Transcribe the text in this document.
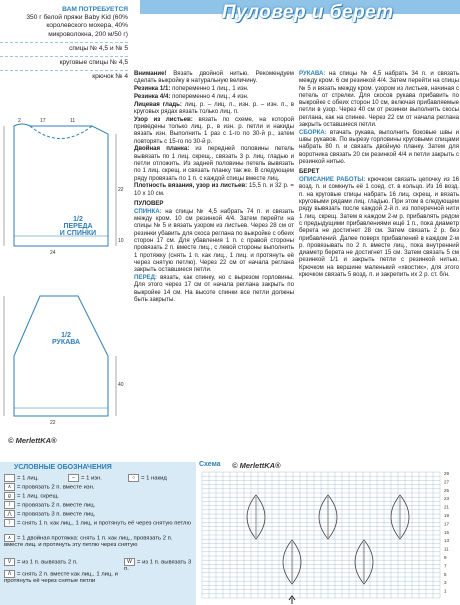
Пуловер и берет
ВАМ ПОТРЕБУЕТСЯ
350 г белой пряжи Baby Kid (60% королевского мохера, 40% микроволокна, 200 м/50 г)
спицы № 4,5 и № 5
круговые спицы № 4,5
крючок № 4
2	17	11
22
10
24
40
22
1/2
ПЕРЕДА
И СПИНКИ
1/2
РУКАВА
© MerlettKA®

Внимание! Вязать двойной нитью. Рекомендуем сделать выкройку в натуральную величину.

Резинка 1/1: попеременно 1 лиц., 1 изн.

Резинка 4/4: попеременно 4 лиц., 4 изн.

Лицевая гладь: лиц. р. – лиц. п., изн. р. – изн. п., в круговых рядах вязать только лиц. п.

Узор из листьев: вязать по схеме, на которой приведены только лиц. р., в изн. р. петли и накиды вязать изн. Выполнить 1 раз с 1-го по 30-й р., затем повторять с 15-го по 30-й р.

Двойная планка: из передней половины петель вывязать по 1 лиц. скрещ., связать 3 р. лиц. гладью и петли отложить. Из задней половины петель вывязать по 1 лиц. скрещ. и связать планку так же. В следующем ряду провязать по 1 п. с каждой спицы вместе лиц.

Плотность вязания, узор из листьев: 15,5 п. и 32 р. = 10 х 10 см.

ПУЛОВЕР

СПИНКА: на спицы № 4,5 набрать 74 п. и связать между кром. 10 см резинкой 4/4. Затем перейти на спицы № 5 и вязать узором из листьев. Через 28 см от резинки убавить для скоса реглана по выкройке с обеих сторон 17 см. Для убавления 1 п. с правой стороны провязать 2 п. вместе лиц., с левой стороны выполнить 1 протяжку (снять 1 п. как лиц., 1 лиц. и протянуть её через снятую петлю). Через 22 см от начала реглана закрыть оставшиеся петли.

ПЕРЕД: вязать, как спинку, но с вырезом горловины. Для этого через 17 см от начала реглана закрыть по выкройке 14 см. На высоте спинки все петли должны быть закрыты.

РУКАВА: на спицы № 4,5 набрать 34 п. и связать между кром. 6 см резинкой 4/4. Затем перейти на спицы № 5 и вязать между кром. узором из листьев, начиная с петель от стрелки. Для скосов рукава прибавить по выкройке с обеих сторон 10 см, включая прибавляемые петли в узор. Через 40 см от резинки выполнить скосы реглана, как на спинке. Через 22 см от начала реглана закрыть оставшиеся петли.

СБОРКА: втачать рукава, выполнить боковые швы и швы рукавов. По вырезу горловины круговыми спицами набрать 80 п. и связать двойную планку. Затем для воротника связать 20 см резинкой 4/4 и петли закрыть с резинкой нитью.

БЕРЕТ

ОПИСАНИЕ РАБОТЫ: крючком связать цепочку из 16 возд. п. и сомкнуть её 1 соед. ст. в кольцо. Из 16 возд. п. на круговые спицы набрать 16 лиц. скрещ. и вязать круговыми рядами лиц. гладью. При этом в следующем ряду вывязать после каждой 2-й п. из поперечной нити 1 лиц. скрещ. Затем в каждом 2-м р. прибавлять рядом с предыдущими прибавлениями ещё 1 п., пока диаметр берета не достигнет 28 см. Затем связать 2 р. без прибавлений. Далее поверх прибавлений в каждом 2-м р. провязывать по 2 п. вместе лиц., пока внутренний диаметр берета не достигнет 15 см. Затем связать 5 см резинкой 1/1 и закрыть петли с резинкой нитью. Крючком на вершине маленький «хвостик», для этого крючком связать 5 возд. п. и закрепить их 2 р. ст. б/н.

УСЛОВНЫЕ ОБОЗНАЧЕНИЯ
= 1 лиц.	– = 1 изн.	○ = 1 накид
∧ = провязать 2 п. вместе изн.
ϱ = 1 лиц. скрещ.
/ = провязать 2 п. вместе лиц.
⋀ = провязать 3 п. вместе лиц.
\ = снять 1 п. как лиц., 1 лиц. и протянуть её через снятую петлю
⋏ = 1 двойная протяжка: снять 1 п. как лиц., провязать 2 п. вместе лиц. и протянуть эту петлю через снятую
V = из 1 п. вывязать 2 п.	W = из 1 п. вывязать 3 п.
Λ = снять 2 п. вместе как лиц., 1 лиц. и протянуть её через снятые петли
Схема © MerlettKA®
29
27
25
23
21
19
17
15
13
11
9
7
5
3
1
